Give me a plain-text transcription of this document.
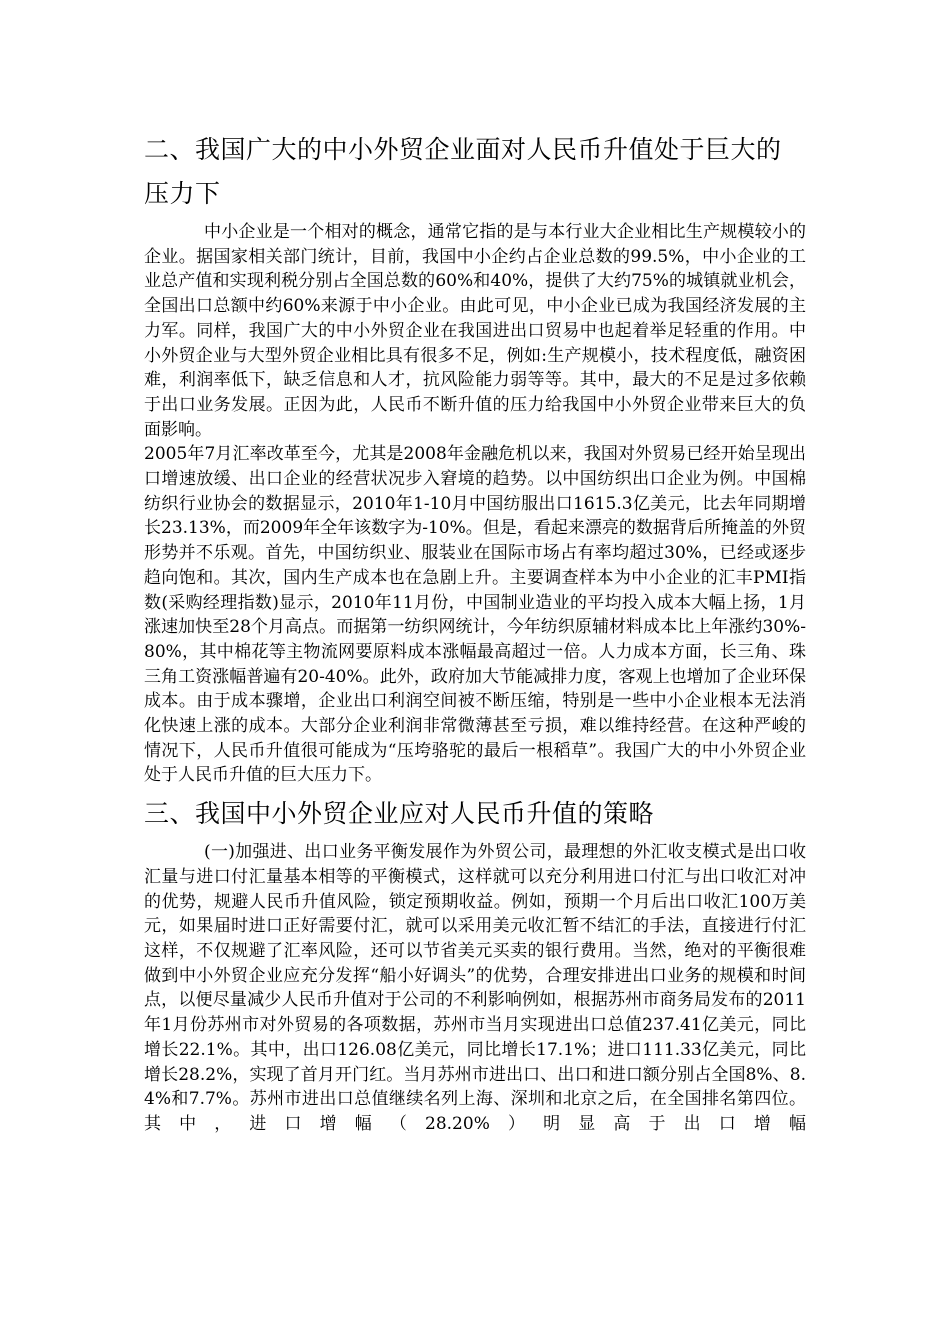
二、我国广大的中小外贸企业面对人民币升值处于巨大的
压力下

中小企业是一个相对的概念，通常它指的是与本行业大企业相比生产规模较小的企业。据国家相关部门统计，目前，我国中小企约占企业总数的99.5%，中小企业的工业总产值和实现利税分别占全国总数的60%和40%，提供了大约75%的城镇就业机会，全国出口总额中约60%来源于中小企业。由此可见，中小企业已成为我国经济发展的主力军。同样，我国广大的中小外贸企业在我国进出口贸易中也起着举足轻重的作用。中小外贸企业与大型外贸企业相比具有很多不足，例如:生产规模小，技术程度低，融资困难，利润率低下，缺乏信息和人才，抗风险能力弱等等。其中，最大的不足是过多依赖于出口业务发展。正因为此，人民币不断升值的压力给我国中小外贸企业带来巨大的负面影响。

2005年7月汇率改革至今，尤其是2008年金融危机以来，我国对外贸易已经开始呈现出口增速放缓、出口企业的经营状况步入窘境的趋势。以中国纺织出口企业为例。中国棉纺织行业协会的数据显示，2010年1-10月中国纺服出口1615.3亿美元，比去年同期增长23.13%，而2009年全年该数字为-10%。但是，看起来漂亮的数据背后所掩盖的外贸形势并不乐观。首先，中国纺织业、服装业在国际市场占有率均超过30%，已经或逐步趋向饱和。其次，国内生产成本也在急剧上升。主要调查样本为中小企业的汇丰PMI指数(采购经理指数)显示，2010年11月份，中国制业造业的平均投入成本大幅上扬，1月涨速加快至28个月高点。而据第一纺织网统计，今年纺织原辅材料成本比上年涨约30%-80%，其中棉花等主物流网要原料成本涨幅最高超过一倍。人力成本方面，长三角、珠三角工资涨幅普遍有20-40%。此外，政府加大节能减排力度，客观上也增加了企业环保成本。由于成本骤增，企业出口利润空间被不断压缩，特别是一些中小企业根本无法消化快速上涨的成本。大部分企业利润非常微薄甚至亏损，难以维持经营。在这种严峻的情况下，人民币升值很可能成为“压垮骆驼的最后一根稻草”。我国广大的中小外贸企业处于人民币升值的巨大压力下。

三、我国中小外贸企业应对人民币升值的策略

(一)加强进、出口业务平衡发展作为外贸公司，最理想的外汇收支模式是出口收汇量与进口付汇量基本相等的平衡模式，这样就可以充分利用进口付汇与出口收汇对冲的优势，规避人民币升值风险，锁定预期收益。例如，预期一个月后出口收汇100万美元，如果届时进口正好需要付汇，就可以采用美元收汇暂不结汇的手法，直接进行付汇这样，不仅规避了汇率风险，还可以节省美元买卖的银行费用。当然，绝对的平衡很难做到中小外贸企业应充分发挥“船小好调头”的优势，合理安排进出口业务的规模和时间点，以便尽量减少人民币升值对于公司的不利影响例如，根据苏州市商务局发布的2011年1月份苏州市对外贸易的各项数据，苏州市当月实现进出口总值237.41亿美元，同比增长22.1%。其中，出口126.08亿美元，同比增长17.1%；进口111.33亿美元，同比增长28.2%，实现了首月开门红。当月苏州市进出口、出口和进口额分别占全国8%、8.4%和7.7%。苏州市进出口总值继续名列上海、深圳和北京之后，在全国排名第四位。其中，进口增幅（28.20%）明显高于出口增幅
